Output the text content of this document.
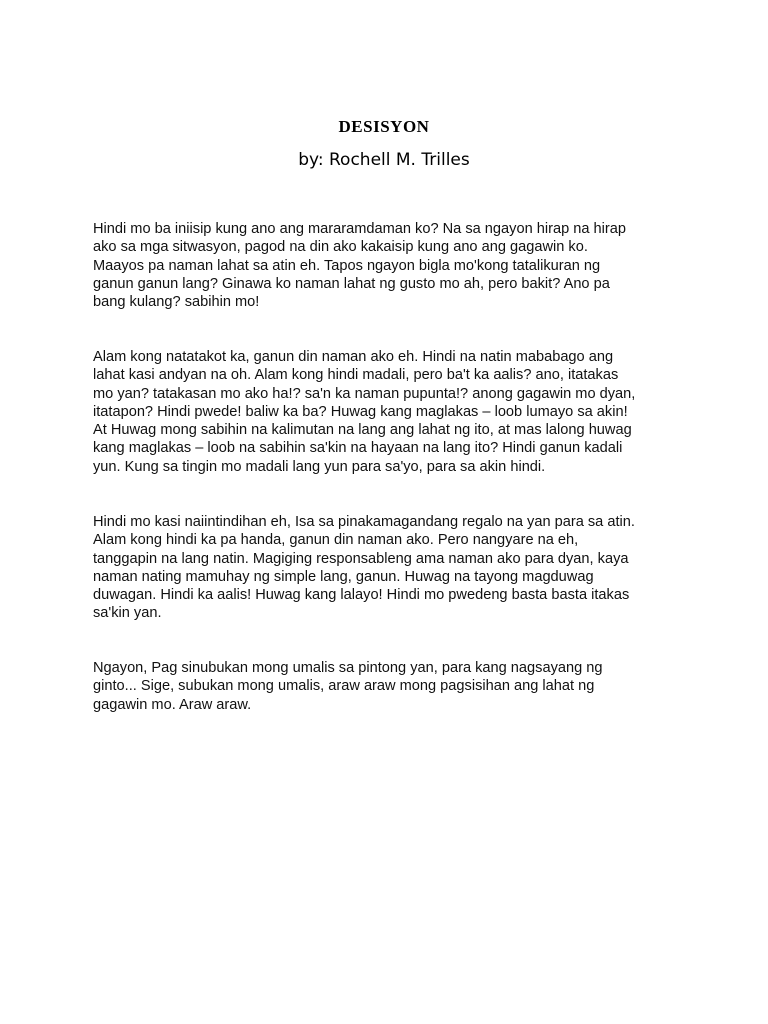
DESISYON

by: Rochell M. Trilles

Hindi mo ba iniisip kung ano ang mararamdaman ko? Na sa ngayon hirap na hirap
ako sa mga sitwasyon, pagod na din ako kakaisip kung ano ang gagawin ko.
Maayos pa naman lahat sa atin eh. Tapos ngayon bigla mo'kong tatalikuran ng
ganun ganun lang? Ginawa ko naman lahat ng gusto mo ah, pero bakit? Ano pa
bang kulang? sabihin mo!

Alam kong natatakot ka, ganun din naman ako eh. Hindi na natin mababago ang
lahat kasi andyan na oh. Alam kong hindi madali, pero ba't ka aalis? ano, itatakas
mo yan? tatakasan mo ako ha!? sa'n ka naman pupunta!? anong gagawin mo dyan,
itatapon? Hindi pwede! baliw ka ba? Huwag kang maglakas – loob lumayo sa akin!
At Huwag mong sabihin na kalimutan na lang ang lahat ng ito, at mas lalong huwag
kang maglakas – loob na sabihin sa'kin na hayaan na lang ito? Hindi ganun kadali
yun. Kung sa tingin mo madali lang yun para sa'yo, para sa akin hindi.

Hindi mo kasi naiintindihan eh, Isa sa pinakamagandang regalo na yan para sa atin.
Alam kong hindi ka pa handa, ganun din naman ako. Pero nangyare na eh,
tanggapin na lang natin. Magiging responsableng ama naman ako para dyan, kaya
naman nating mamuhay ng simple lang, ganun. Huwag na tayong magduwag
duwagan. Hindi ka aalis! Huwag kang lalayo! Hindi mo pwedeng basta basta itakas
sa'kin yan.

Ngayon, Pag sinubukan mong umalis sa pintong yan, para kang nagsayang ng
ginto... Sige, subukan mong umalis, araw araw mong pagsisihan ang lahat ng
gagawin mo. Araw araw.
